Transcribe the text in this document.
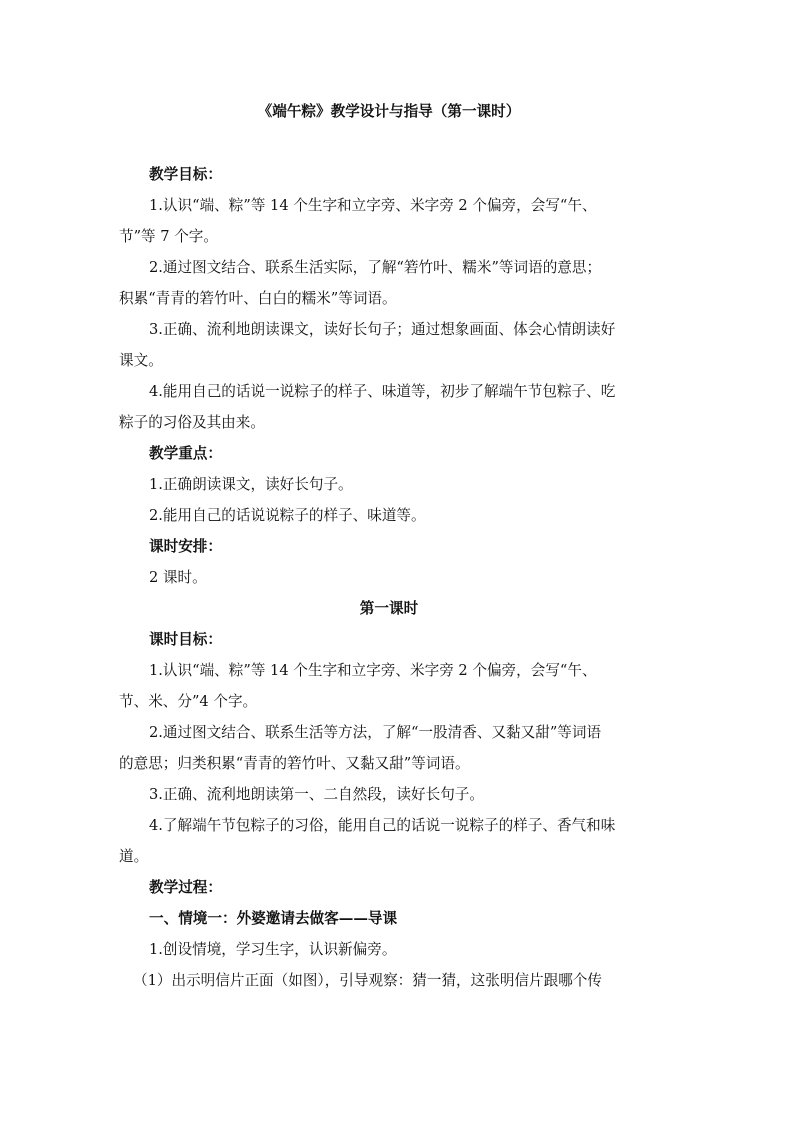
《端午粽》教学设计与指导（第一课时）
教学目标：
1.认识“端、粽”等 14 个生字和立字旁、米字旁 2 个偏旁，会写“午、
节”等 7 个字。
2.通过图文结合、联系生活实际，了解“箬竹叶、糯米”等词语的意思；
积累“青青的箬竹叶、白白的糯米”等词语。
3.正确、流利地朗读课文，读好长句子；通过想象画面、体会心情朗读好
课文。
4.能用自己的话说一说粽子的样子、味道等，初步了解端午节包粽子、吃
粽子的习俗及其由来。
教学重点：
1.正确朗读课文，读好长句子。
2.能用自己的话说说粽子的样子、味道等。
课时安排：
2 课时。
第一课时
课时目标：
1.认识“端、粽”等 14 个生字和立字旁、米字旁 2 个偏旁，会写“午、
节、米、分”4 个字。
2.通过图文结合、联系生活等方法，了解“一股清香、又黏又甜”等词语
的意思；归类积累“青青的箬竹叶、又黏又甜”等词语。
3.正确、流利地朗读第一、二自然段，读好长句子。
4.了解端午节包粽子的习俗，能用自己的话说一说粽子的样子、香气和味
道。
教学过程：
一、情境一：外婆邀请去做客——导课
1.创设情境，学习生字，认识新偏旁。
（1）出示明信片正面（如图），引导观察：猜一猜，这张明信片跟哪个传
